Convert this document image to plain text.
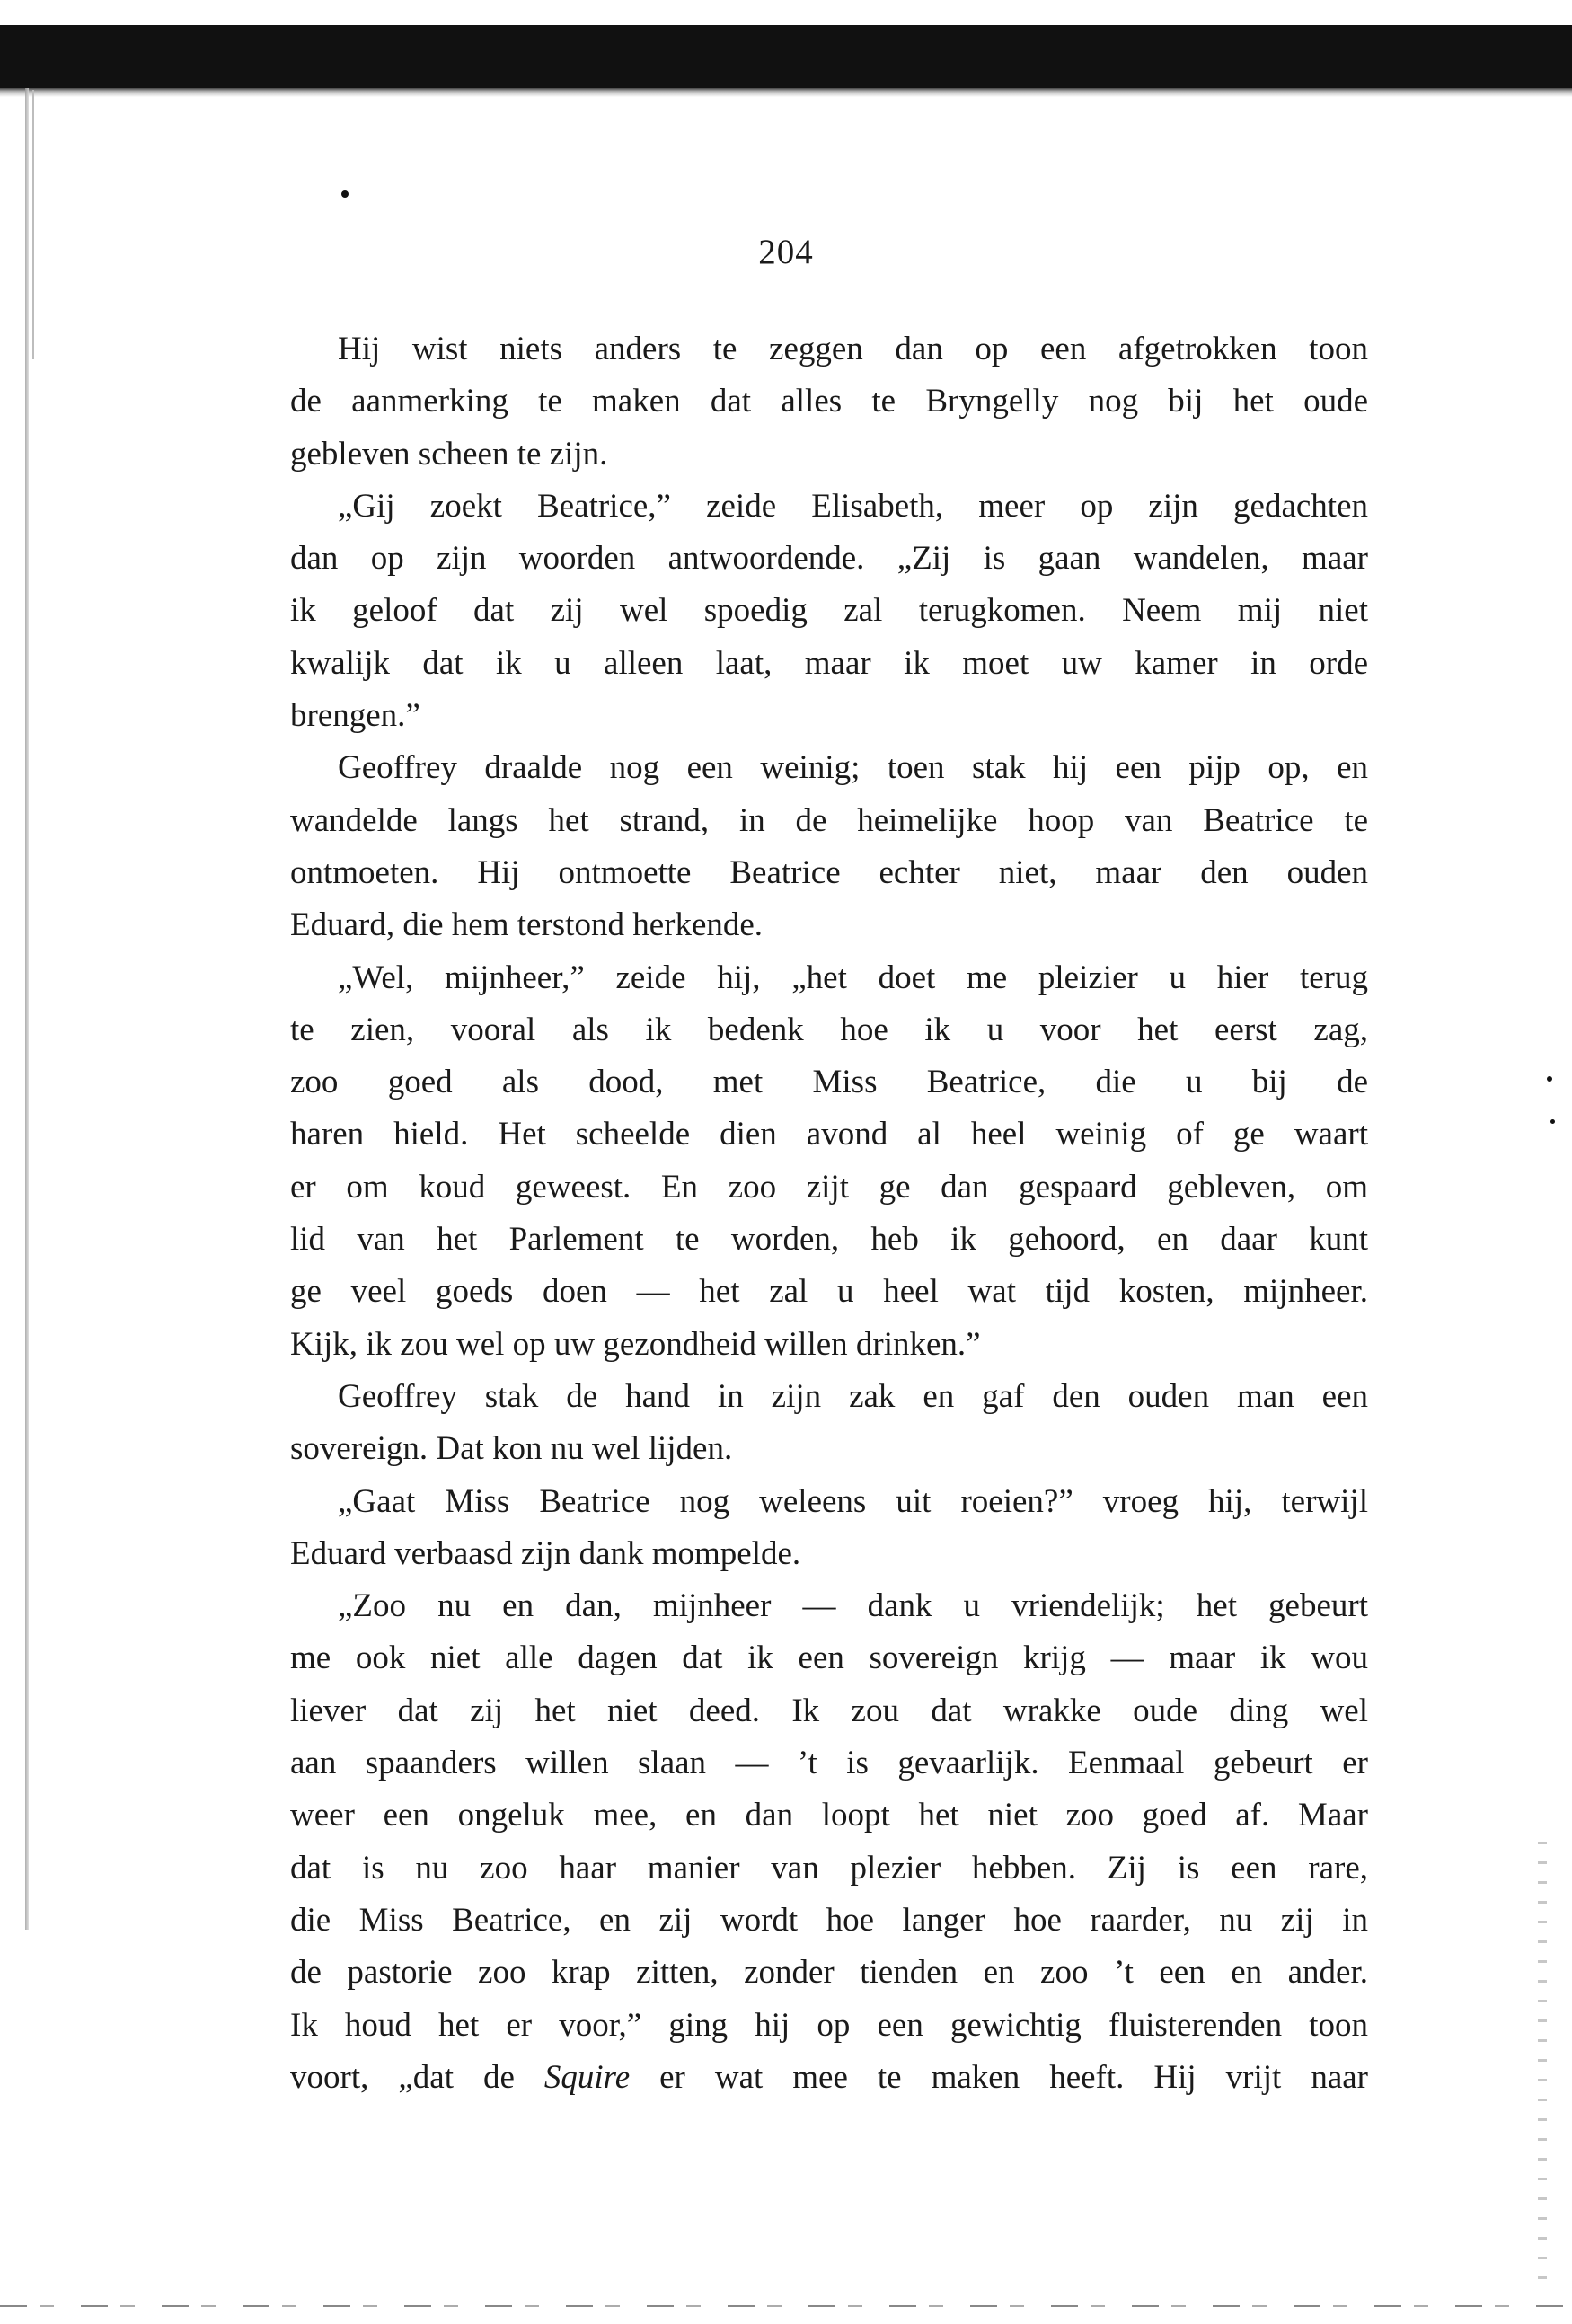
204
Hij wist niets anders te zeggen dan op een afgetrokken toon
de aanmerking te maken dat alles te Bryngelly nog bij het oude
gebleven scheen te zijn.
„Gij zoekt Beatrice,” zeide Elisabeth, meer op zijn gedachten
dan op zijn woorden antwoordende. „Zij is gaan wandelen, maar
ik geloof dat zij wel spoedig zal terugkomen. Neem mij niet
kwalijk dat ik u alleen laat, maar ik moet uw kamer in orde
brengen.”
Geoffrey draalde nog een weinig; toen stak hij een pijp op, en
wandelde langs het strand, in de heimelijke hoop van Beatrice te
ontmoeten. Hij ontmoette Beatrice echter niet, maar den ouden
Eduard, die hem terstond herkende.
„Wel, mijnheer,” zeide hij, „het doet me pleizier u hier terug
te zien, vooral als ik bedenk hoe ik u voor het eerst zag,
zoo goed als dood, met Miss Beatrice, die u bij de
haren hield. Het scheelde dien avond al heel weinig of ge waart
er om koud geweest. En zoo zijt ge dan gespaard gebleven, om
lid van het Parlement te worden, heb ik gehoord, en daar kunt
ge veel goeds doen — het zal u heel wat tijd kosten, mijnheer.
Kijk, ik zou wel op uw gezondheid willen drinken.”
Geoffrey stak de hand in zijn zak en gaf den ouden man een
sovereign. Dat kon nu wel lijden.
„Gaat Miss Beatrice nog weleens uit roeien?” vroeg hij, terwijl
Eduard verbaasd zijn dank mompelde.
„Zoo nu en dan, mijnheer — dank u vriendelijk; het gebeurt
me ook niet alle dagen dat ik een sovereign krijg — maar ik wou
liever dat zij het niet deed. Ik zou dat wrakke oude ding wel
aan spaanders willen slaan — ’t is gevaarlijk. Eenmaal gebeurt er
weer een ongeluk mee, en dan loopt het niet zoo goed af. Maar
dat is nu zoo haar manier van plezier hebben. Zij is een rare,
die Miss Beatrice, en zij wordt hoe langer hoe raarder, nu zij in
de pastorie zoo krap zitten, zonder tienden en zoo ’t een en ander.
Ik houd het er voor,” ging hij op een gewichtig fluisterenden toon
voort, „dat de Squire er wat mee te maken heeft. Hij vrijt naar
